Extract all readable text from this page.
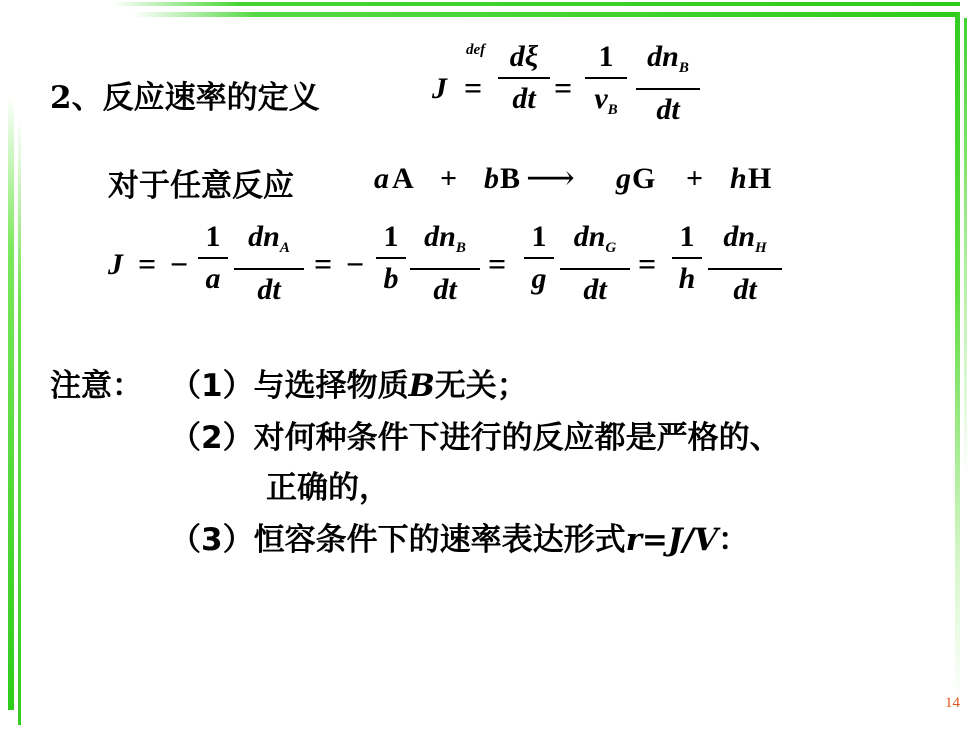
2、反应速率的定义	J
def
=
dξ
dt =
1
$\nu_B$
$dn_B$
dt
对于任意反应	a A + b B ⟶ g G + h H
J = −
1
a
$dn_A$
dt
= −
1
b
$dn_B$
dt
=
1
g
$dn_G$
dt
=
1
h
$dn_H$
dt
注意： （1）与选择物质B无关；
（2）对何种条件下进行的反应都是严格的、
正确的，
（3）恒容条件下的速率表达形式r=J/V：
14
